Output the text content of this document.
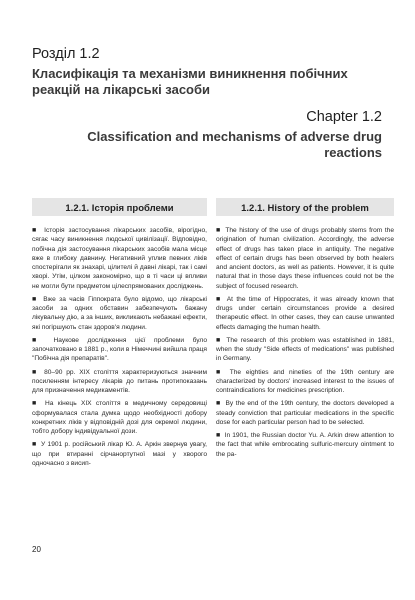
Розділ 1.2
Класифікація та механізми виникнення побічних реакцій на лікарські засоби
Chapter 1.2
Classification and mechanisms of adverse drug reactions
1.2.1. Історія проблеми	1.2.1. History of the problem

■ Історія застосування лікарських засобів, вірогідно, сягає часу виникнення людської цивілізації. Відповідно, побічна дія застосування лікарських засобів мала місце вже в глибоку давнину. Негативний уплив певних ліків спостерігали як знахарі, цілителі й давні лікарі, так і самі хворі. Утім, цілком закономірно, що в ті часи ці впливи не могли бути предметом цілеспрямованих досліджень.

■ Вже за часів Гіппократа було відомо, що лікарські засоби за одних обставин забезпечують бажану лікувальну дію, а за інших, викликають небажані ефекти, які погіршують стан здоров'я людини.

■ Наукове дослідження цієї проблеми було започатковано в 1881 р., коли в Німеччині вийшла праця "Побічна дія препаратів".

■ 80–90 рр. XIX століття характеризуються значним посиленням інтересу лікарів до питань протипоказань для призначення медикаментів.

■ На кінець XIX століття в медичному середовищі сформувалася стала думка щодо необхідності добору конкретних ліків у відповідній дозі для окремої людини, тобто добору індивідуальної дози.

■ У 1901 р. російський лікар Ю. А. Аркін звернув увагу, що при втиранні сірчанортутної мазі у хворого одночасно з висип-

■ The history of the use of drugs probably stems from the origination of human civilization. Accordingly, the adverse effect of drugs has taken place in antiquity. The negative effect of certain drugs has been observed by both healers and ancient doctors, as well as patients. However, it is quite natural that in those days these influences could not be the subject of focused research.

■ At the time of Hippocrates, it was already known that drugs under certain circumstances provide a desired therapeutic effect. In other cases, they can cause unwanted effects damaging the human health.

■ The research of this problem was established in 1881, when the study "Side effects of medications" was published in Germany.

■ The eighties and nineties of the 19th century are characterized by doctors' increased interest to the issues of contraindications for medicines prescription.

■ By the end of the 19th century, the doctors developed a steady conviction that particular medications in the specific dose for each particular person had to be selected.

■ In 1901, the Russian doctor Yu. A. Arkin drew attention to the fact that while embrocating sulfuric-mercury ointment to the pa-

20
